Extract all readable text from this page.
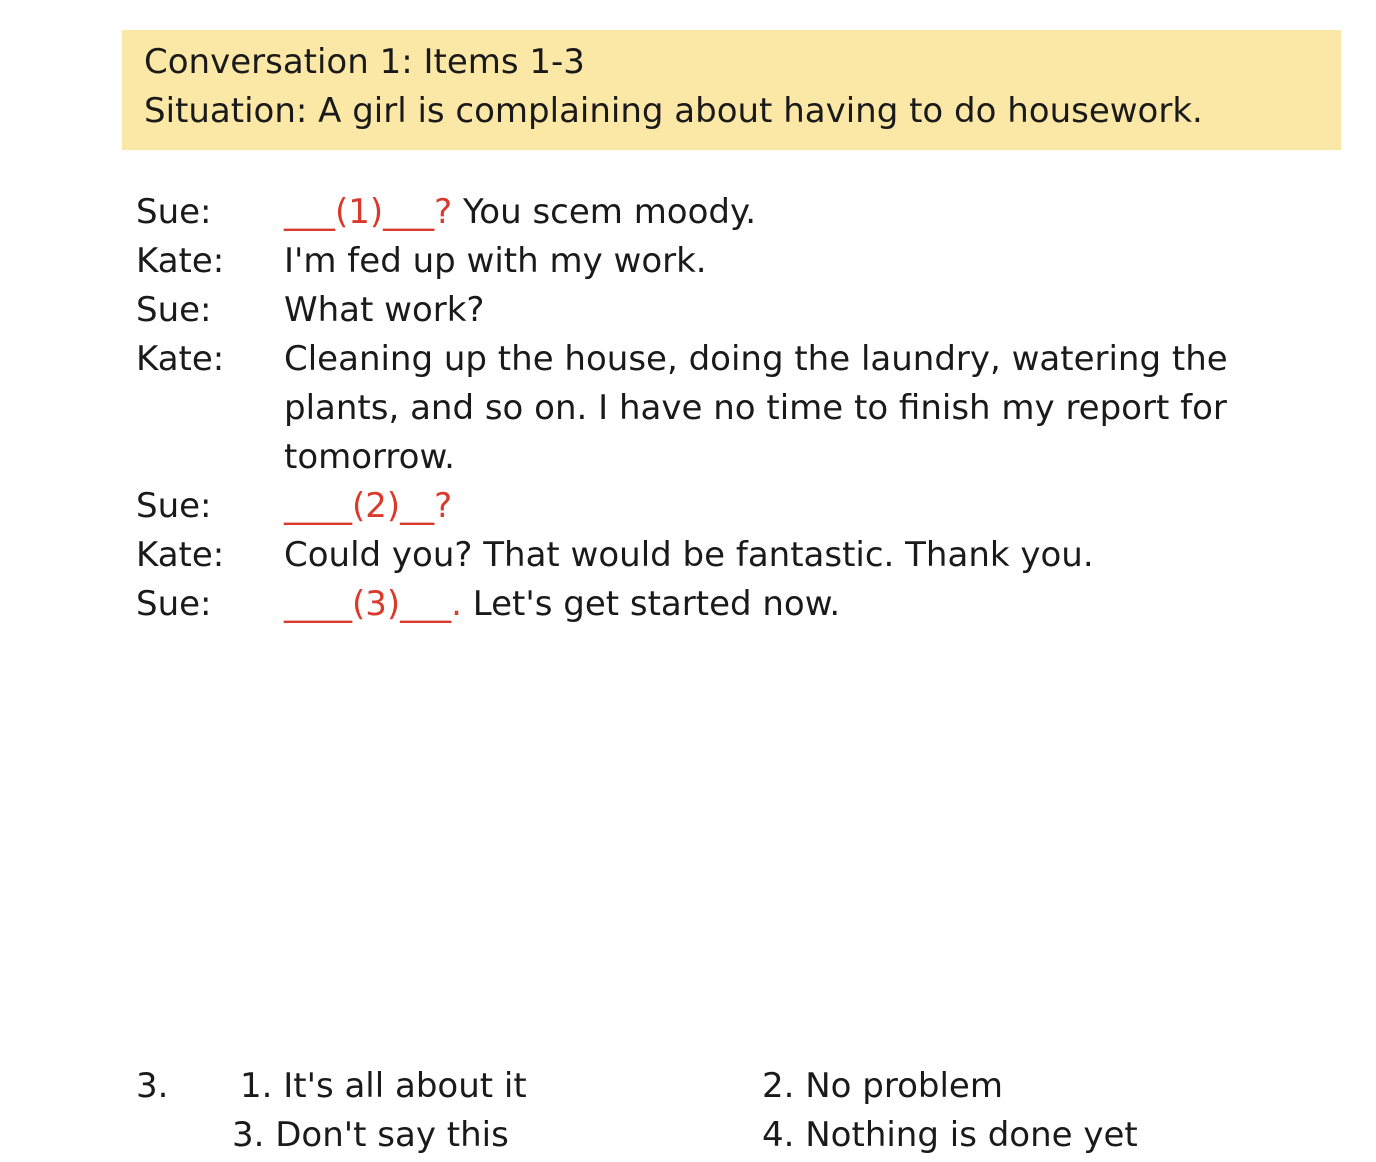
Conversation 1: Items 1-3
Situation: A girl is complaining about having to do housework.
Sue:	___(1)___? You scem moody.
Kate:	I'm fed up with my work.
Sue:	What work?
Kate:	Cleaning up the house, doing the laundry, watering the plants, and so on. I have no time to finish my report for tomorrow.
Sue:	____(2)__?
Kate:	Could you? That would be fantastic. Thank you.
Sue:	____(3)___. Let's get started now.
3. 1. It's all about it	2. No problem
3. Don't say this	4. Nothing is done yet
